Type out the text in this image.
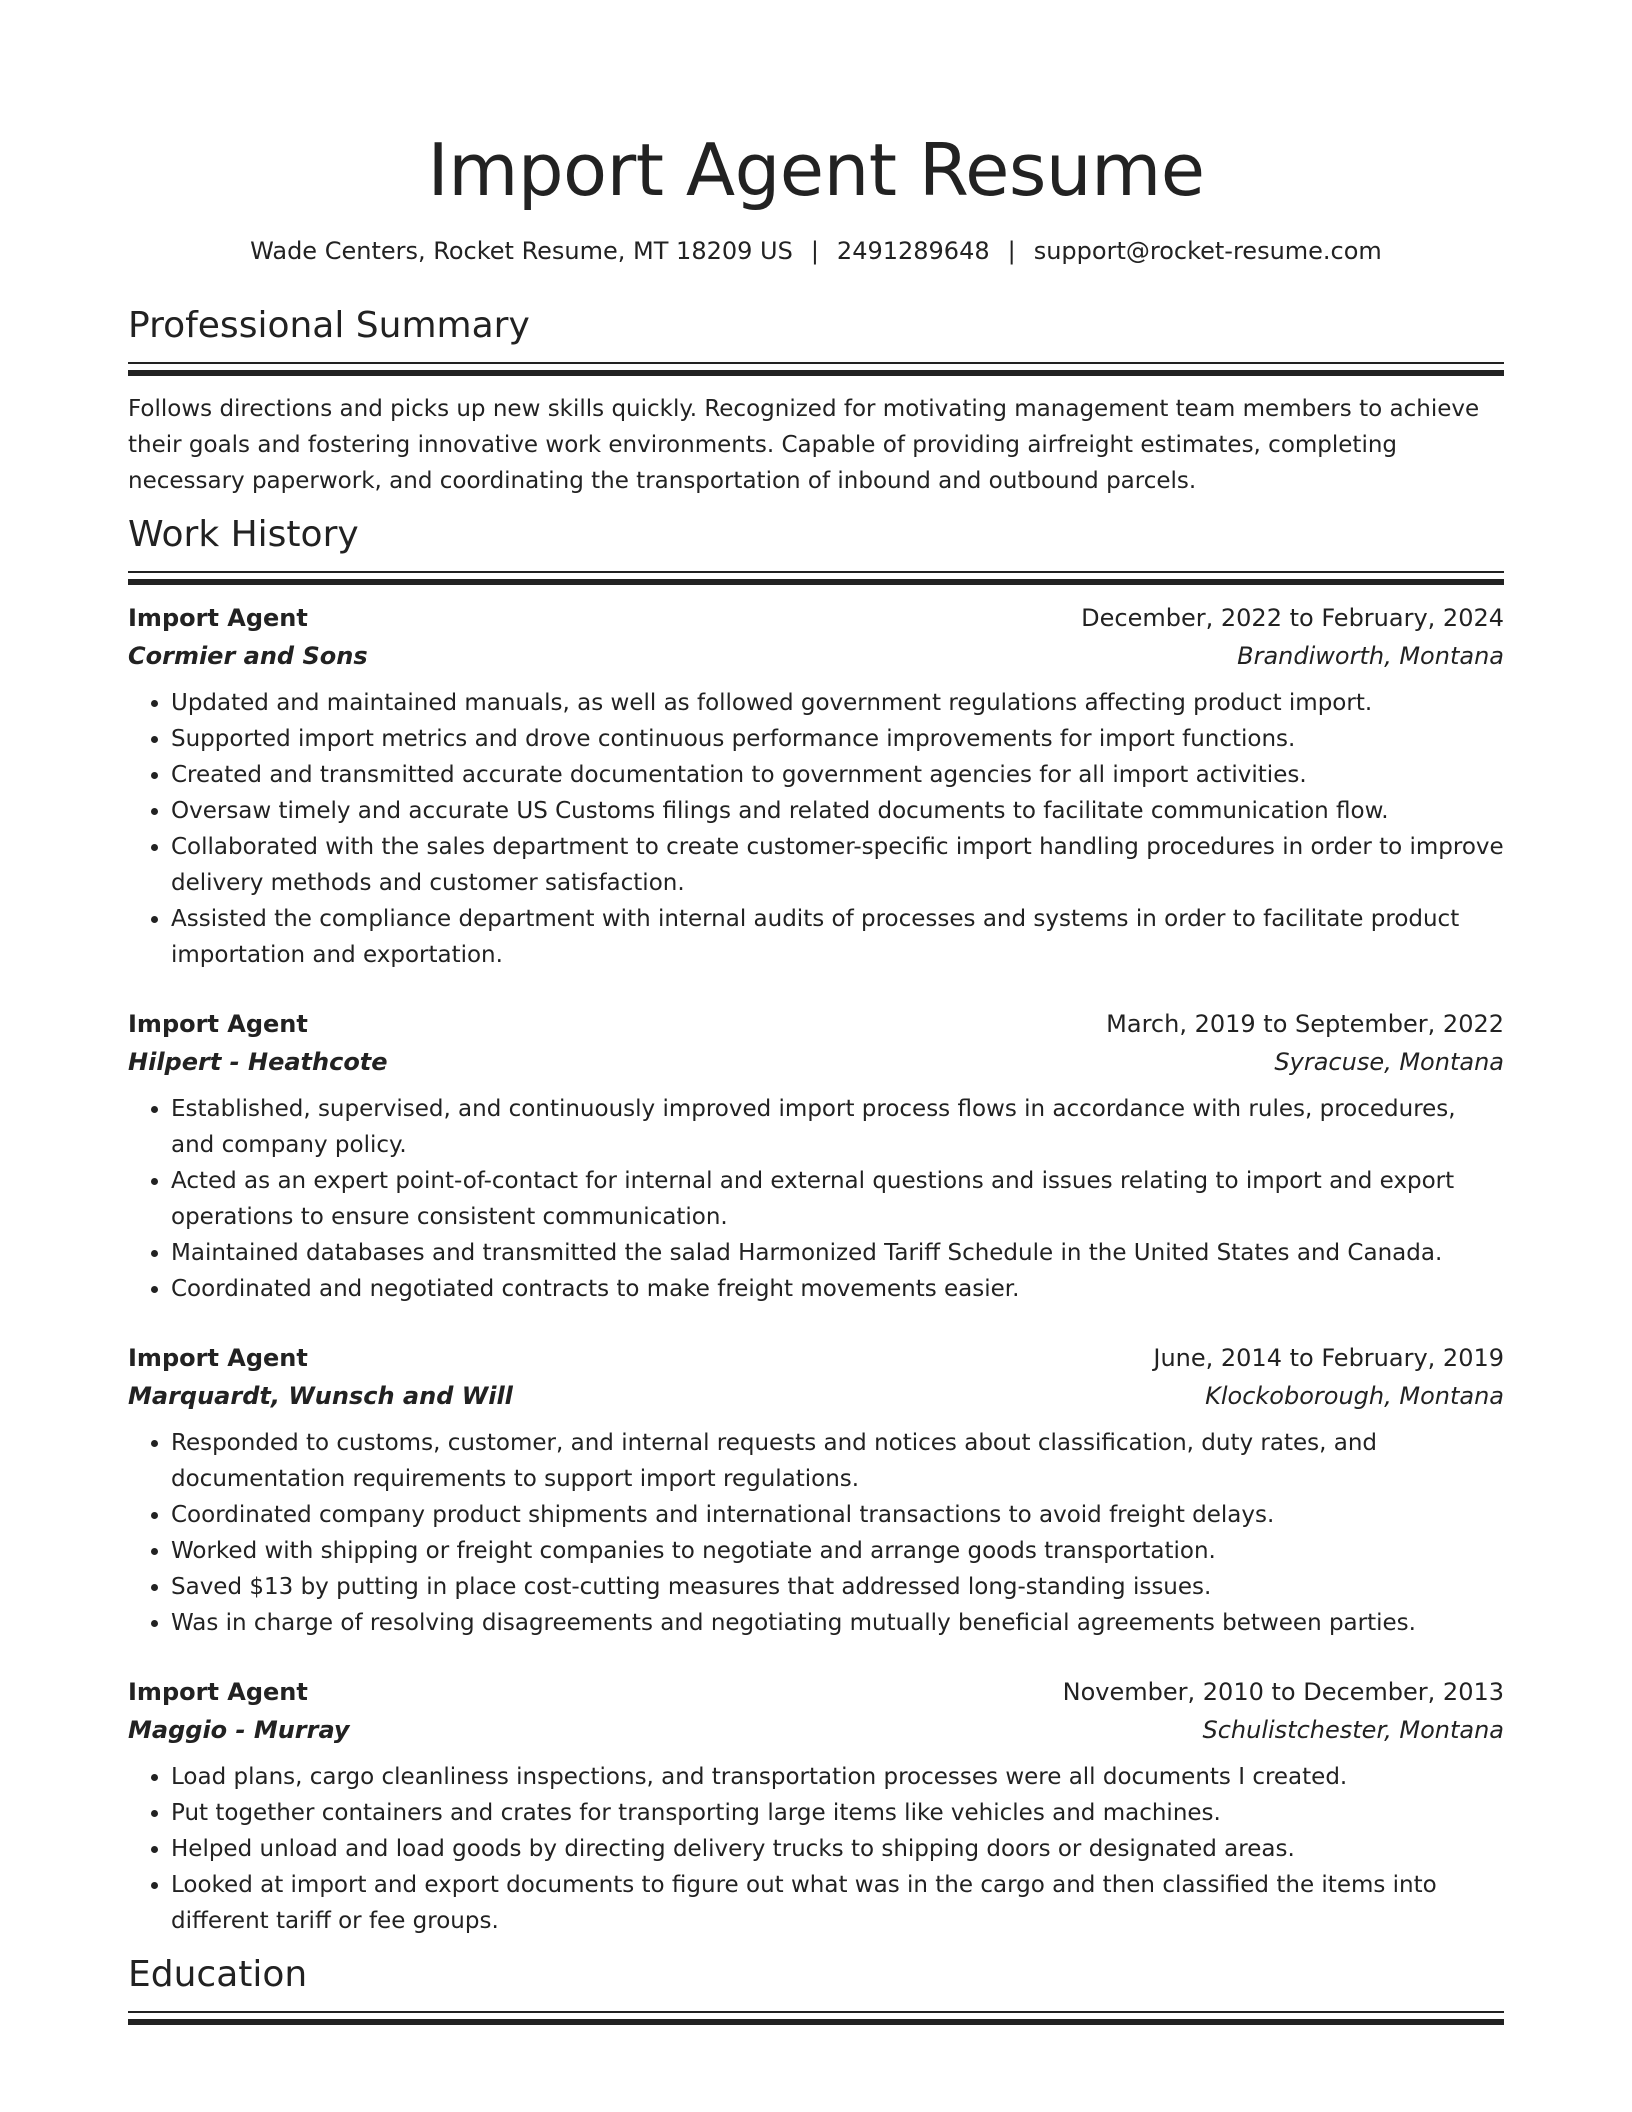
Import Agent Resume
Wade Centers, Rocket Resume, MT 18209 US | 2491289648 | support@rocket-resume.com
Professional Summary

Follows directions and picks up new skills quickly. Recognized for motivating management team members to achieve their goals and fostering innovative work environments. Capable of providing airfreight estimates, completing necessary paperwork, and coordinating the transportation of inbound and outbound parcels.

Work History
Import Agent	December, 2022 to February, 2024
Cormier and Sons	Brandiworth, Montana
• Updated and maintained manuals, as well as followed government regulations affecting product import.
• Supported import metrics and drove continuous performance improvements for import functions.
• Created and transmitted accurate documentation to government agencies for all import activities.
• Oversaw timely and accurate US Customs filings and related documents to facilitate communication flow.
• Collaborated with the sales department to create customer-specific import handling procedures in order to improve delivery methods and customer satisfaction.
• Assisted the compliance department with internal audits of processes and systems in order to facilitate product importation and exportation.
Import Agent	March, 2019 to September, 2022
Hilpert - Heathcote	Syracuse, Montana
• Established, supervised, and continuously improved import process flows in accordance with rules, procedures, and company policy.
• Acted as an expert point-of-contact for internal and external questions and issues relating to import and export operations to ensure consistent communication.
• Maintained databases and transmitted the salad Harmonized Tariff Schedule in the United States and Canada.
• Coordinated and negotiated contracts to make freight movements easier.
Import Agent	June, 2014 to February, 2019
Marquardt, Wunsch and Will	Klockoborough, Montana
• Responded to customs, customer, and internal requests and notices about classification, duty rates, and documentation requirements to support import regulations.
• Coordinated company product shipments and international transactions to avoid freight delays.
• Worked with shipping or freight companies to negotiate and arrange goods transportation.
• Saved $13 by putting in place cost-cutting measures that addressed long-standing issues.
• Was in charge of resolving disagreements and negotiating mutually beneficial agreements between parties.
Import Agent	November, 2010 to December, 2013
Maggio - Murray	Schulistchester, Montana
• Load plans, cargo cleanliness inspections, and transportation processes were all documents I created.
• Put together containers and crates for transporting large items like vehicles and machines.
• Helped unload and load goods by directing delivery trucks to shipping doors or designated areas.
• Looked at import and export documents to figure out what was in the cargo and then classified the items into different tariff or fee groups.
Education
